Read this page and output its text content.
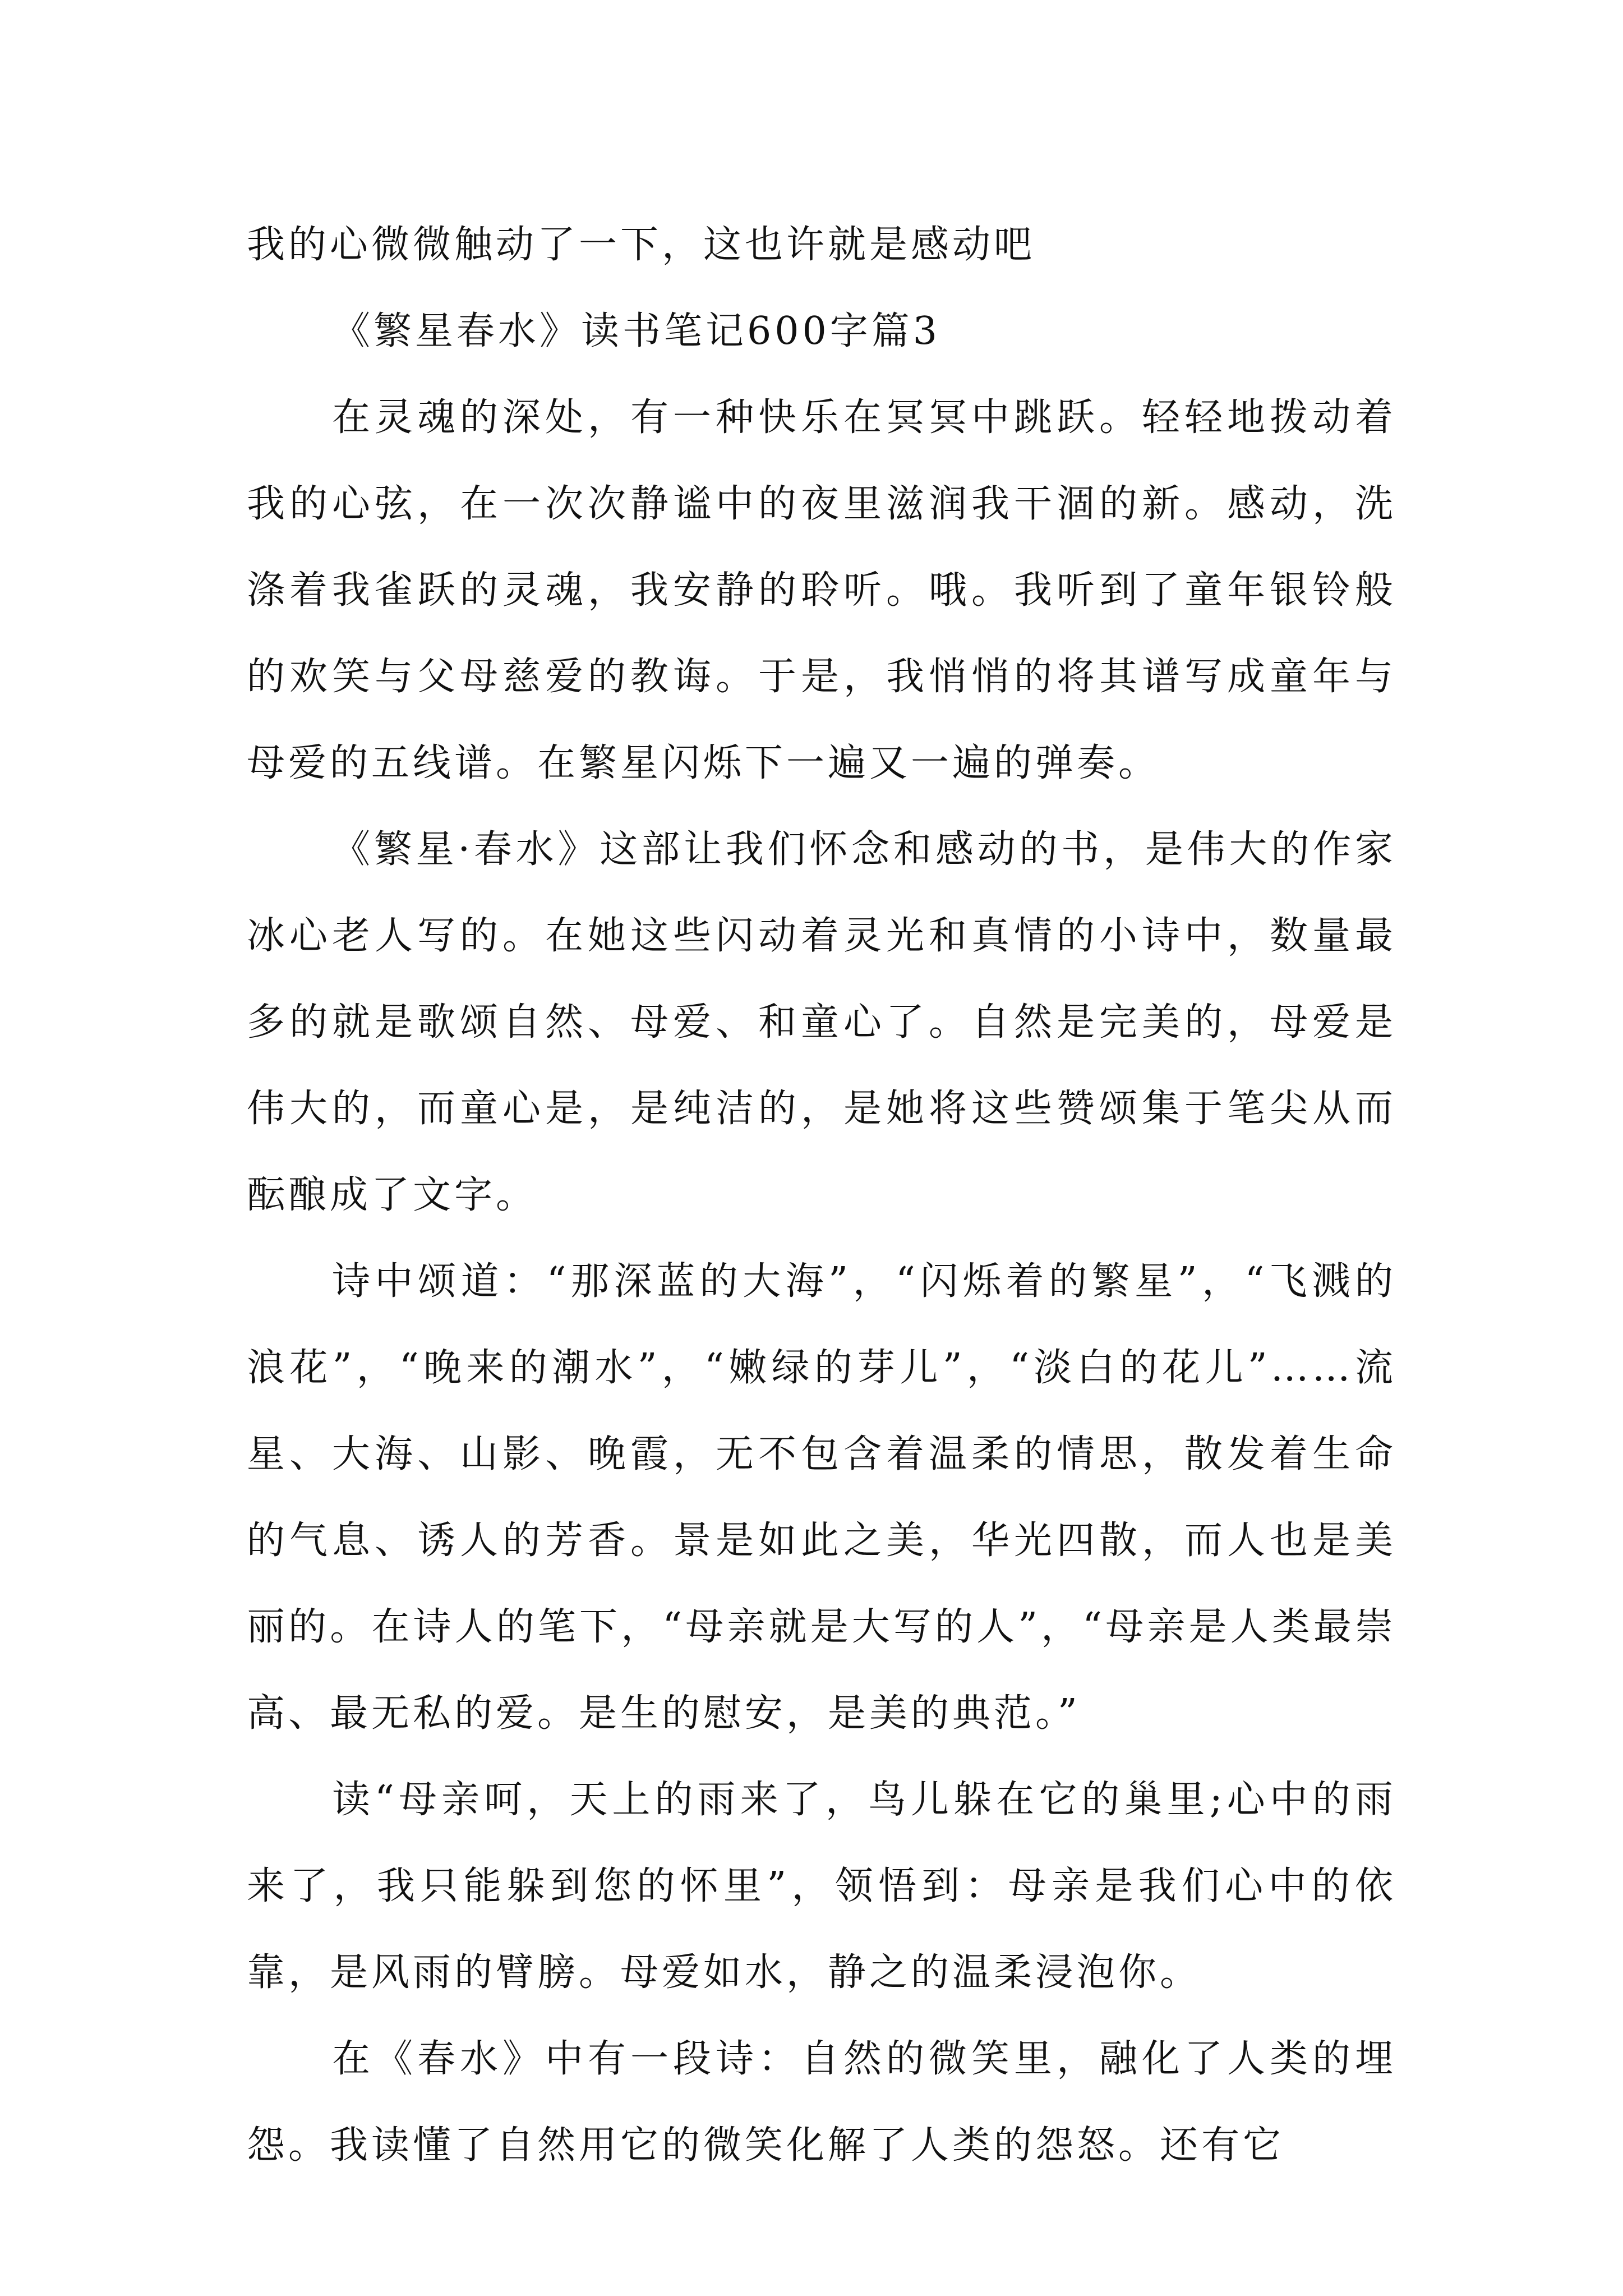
我的心微微触动了一下，这也许就是感动吧

《繁星春水》读书笔记600字篇3

在灵魂的深处，有一种快乐在冥冥中跳跃。轻轻地拨动着我的心弦，在一次次静谧中的夜里滋润我干涸的新。感动，洗涤着我雀跃的灵魂，我安静的聆听。哦。我听到了童年银铃般的欢笑与父母慈爱的教诲。于是，我悄悄的将其谱写成童年与母爱的五线谱。在繁星闪烁下一遍又一遍的弹奏。

《繁星·春水》这部让我们怀念和感动的书，是伟大的作家冰心老人写的。在她这些闪动着灵光和真情的小诗中，数量最多的就是歌颂自然、母爱、和童心了。自然是完美的，母爱是伟大的，而童心是，是纯洁的，是她将这些赞颂集于笔尖从而酝酿成了文字。

诗中颂道：“那深蓝的大海”，“闪烁着的繁星”，“飞溅的浪花”，“晚来的潮水”，“嫩绿的芽儿”，“淡白的花儿”……流星、大海、山影、晚霞，无不包含着温柔的情思，散发着生命的气息、诱人的芳香。景是如此之美，华光四散，而人也是美丽的。在诗人的笔下，“母亲就是大写的人”，“母亲是人类最崇高、最无私的爱。是生的慰安，是美的典范。”

读“母亲呵，天上的雨来了，鸟儿躲在它的巢里;心中的雨来了，我只能躲到您的怀里”，领悟到：母亲是我们心中的依靠，是风雨的臂膀。母爱如水，静之的温柔浸泡你。

在《春水》中有一段诗：自然的微笑里，融化了人类的埋怨。我读懂了自然用它的微笑化解了人类的怨怒。还有它
